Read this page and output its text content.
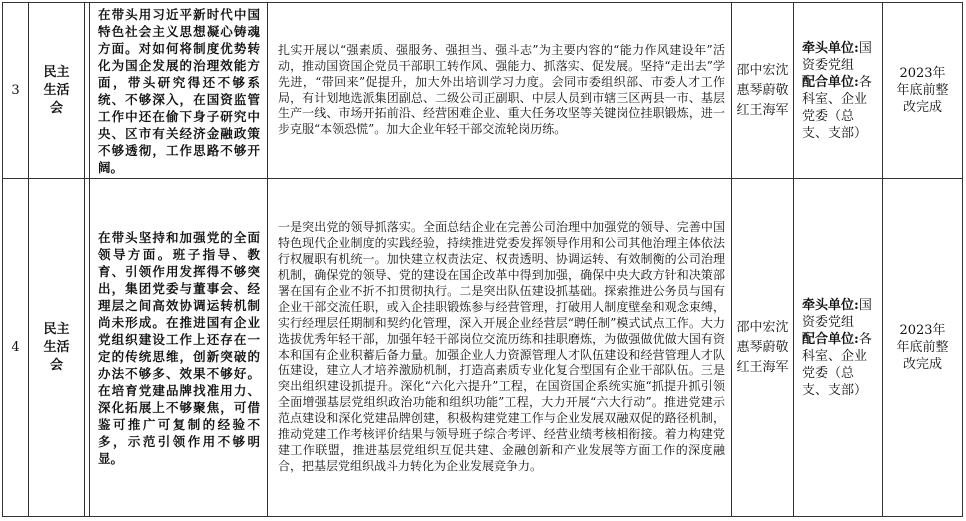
3	民主生活会		在带头用习近平新时代中国特色社会主义思想凝心铸魂方面。对如何将制度优势转化为国企发展的治理效能方面，带头研究得还不够系统、不够深入，在国资监管工作中还在偷下身子研究中央、区市有关经济金融政策不够透彻，工作思路不够开阔。	扎实开展以“强素质、强服务、强担当、强斗志”为主要内容的“能力作风建设年”活动，推动国资国企党员干部职工转作风、强能力、抓落实、促发展。坚持“走出去”学先进，“带回来”促提升，加大外出培训学习力度。会同市委组织部、市委人才工作局，有计划地选派集团副总、二级公司正副职、中层人员到市辖三区两县一市、基层生产一线、市场开拓前沿、经营困难企业、重大任务攻坚等关键岗位挂职锻炼，进一步克服“本领恐慌”。加大企业年轻干部交流轮岗历练。	邵中宏沈惠琴蔚敬红王海军	牵头单位:国资委党组
配合单位:各科室、企业党委（总支、支部）	2023年年底前整改完成

4	民主生活会		在带头坚持和加强党的全面领导方面。班子指导、教育、引领作用发挥得不够突出，集团党委与董事会、经理层之间高效协调运转机制尚未形成。在推进国有企业党组织建设工作上还存在一定的传统思维，创新突破的办法不够多、效果不够好。在培育党建品牌找准用力、深化拓展上不够聚焦，可借鉴可推广可复制的经验不多，示范引领作用不够明显。	一是突出党的领导抓落实。全面总结企业在完善公司治理中加强党的领导、完善中国特色现代企业制度的实践经验，持续推进党委发挥领导作用和公司其他治理主体依法行权履职有机统一。加快建立权责法定、权责透明、协调运转、有效制衡的公司治理机制，确保党的领导、党的建设在国企改革中得到加强，确保中央大政方针和决策部署在国有企业不折不扣贯彻执行。二是突出队伍建设抓基础。探索推进公务员与国有企业干部交流任职，或入企挂职锻炼参与经营管理，打破用人制度壁垒和观念束缚，实行经理层任期制和契约化管理，深入开展企业经营层“聘任制”模式试点工作。大力选拔优秀年轻干部，加强年轻干部岗位交流历练和挂职磨炼，为做强做优做大国有资本和国有企业积蓄后备力量。加强企业人力资源管理人才队伍建设和经营管理人才队伍建设，建立人才培养激励机制，打造高素质专业化复合型国有企业干部队伍。三是突出组织建设抓提升。深化“六化六提升”工程，在国资国企系统实施“抓提升抓引领 全面增强基层党组织政治功能和组织功能”工程，大力开展“六大行动”。推进党建示范点建设和深化党建品牌创建，积极构建党建工作与企业发展双融双促的路径机制，推动党建工作考核评价结果与领导班子综合考评、经营业绩考核相衔接。着力构建党建工作联盟，推进基层党组织互促共建、金融创新和产业发展等方面工作的深度融合，把基层党组织战斗力转化为企业发展竞争力。	邵中宏沈惠琴蔚敬红王海军	牵头单位:国资委党组
配合单位:各科室、企业党委（总支、支部）	2023年年底前整改完成
